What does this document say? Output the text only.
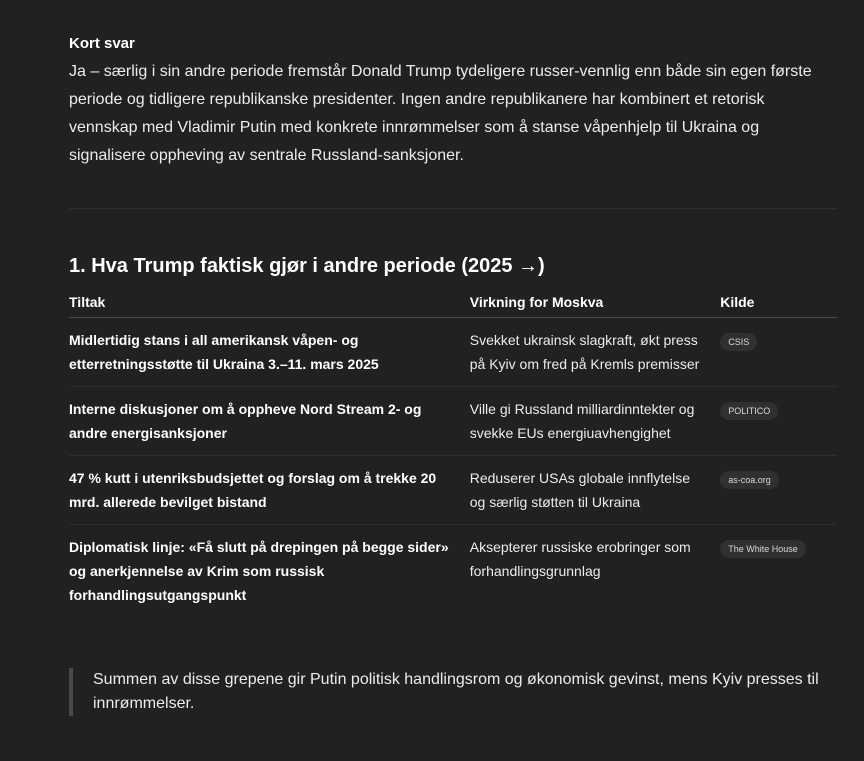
Kort svar

Ja – særlig i sin andre periode fremstår Donald Trump tydeligere russer-vennlig enn både sin egen første periode og tidligere republikanske presidenter. Ingen andre republikanere har kombinert et retorisk vennskap med Vladimir Putin med konkrete innrømmelser som å stanse våpenhjelp til Ukraina og signalisere oppheving av sentrale Russland-sanksjoner.

1. Hva Trump faktisk gjør i andre periode (2025 →)
Tiltak	Virkning for Moskva	Kilde
Midlertidig stans i all amerikansk våpen- og etterretningsstøtte til Ukraina 3.–11. mars 2025	Svekket ukrainsk slagkraft, økt press på Kyiv om fred på Kremls premisser	CSIS
Interne diskusjoner om å oppheve Nord Stream 2- og andre energisanksjoner	Ville gi Russland milliardinntekter og svekke EUs energiuavhengighet	POLITICO
47 % kutt i utenriksbudsjettet og forslag om å trekke 20 mrd. allerede bevilget bistand	Reduserer USAs globale innflytelse og særlig støtten til Ukraina	as-coa.org
Diplomatisk linje: «Få slutt på drepingen på begge sider» og anerkjennelse av Krim som russisk forhandlingsutgangspunkt	Aksepterer russiske erobringer som forhandlingsgrunnlag	The White House
Summen av disse grepene gir Putin politisk handlingsrom og økonomisk gevinst, mens Kyiv presses til innrømmelser.
